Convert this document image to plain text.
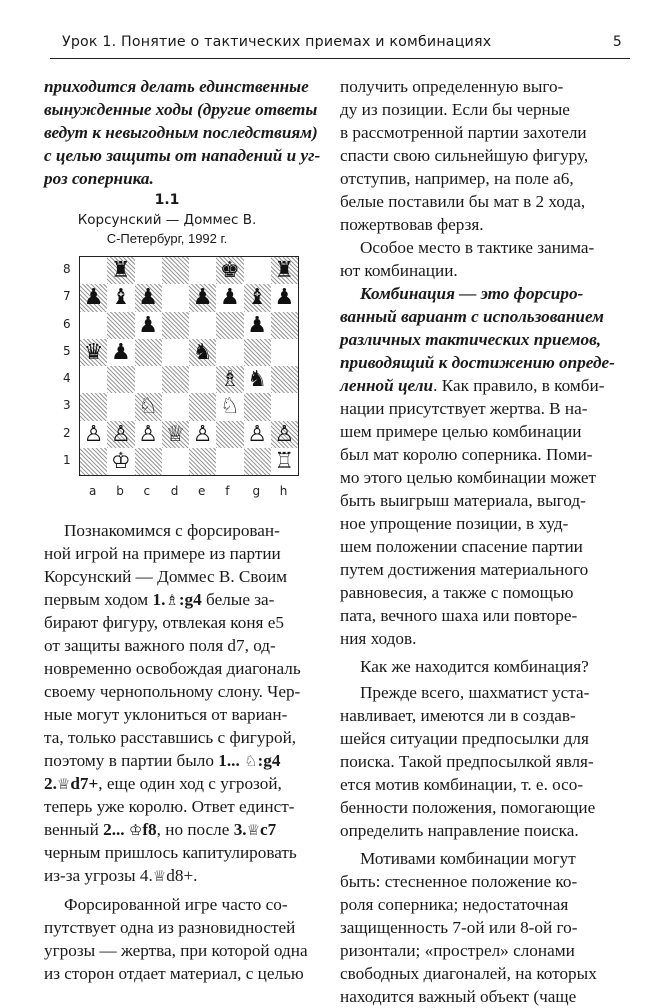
Урок 1. Понятие о тактических приемах и комбинациях	5
приходится делать единственные
вынужденные ходы (другие ответы
ведут к невыгодным последствиям)
с целью защиты от нападений и уг-
роз соперника.
1.1
Корсунский — Доммес В.
С-Петербург, 1992 г.
♜	♚ ♜
♟ ♝ ♟ ♟ ♟ ♝ ♟
♟	♟
♛ ♟	♞
♗ ♞
♘	♘
♙ ♙ ♙ ♕ ♙ ♙ ♙
♔	♖
8
7
6
5
4
3
2
1
a b c d e f g h
Познакомимся с форсирован-
ной игрой на примере из партии
Корсунский — Доммес В. Своим
первым ходом 1.♗:g4 белые за-
бирают фигуру, отвлекая коня e5
от защиты важного поля d7, од-
новременно освобождая диагональ
своему чернопольному слону. Чер-
ные могут уклониться от вариан-
та, только расставшись с фигурой,
поэтому в партии было 1... ♘:g4
2.♕d7+, еще один ход с угрозой,
теперь уже королю. Ответ единст-
венный 2... ♔f8, но после 3.♕c7
черным пришлось капитулировать
из-за угрозы 4.♕d8+.
Форсированной игре часто со-
путствует одна из разновидностей
угрозы — жертва, при которой одна
из сторон отдает материал, с целью
получить определенную выго-
ду из позиции. Если бы черные
в рассмотренной партии захотели
спасти свою сильнейшую фигуру,
отступив, например, на поле a6,
белые поставили бы мат в 2 хода,
пожертвовав ферзя.
Особое место в тактике занима-
ют комбинации.
Комбинация — это форсиро-
ванный вариант с использованием
различных тактических приемов,
приводящий к достижению опреде-
ленной цели. Как правило, в комби-
нации присутствует жертва. В на-
шем примере целью комбинации
был мат королю соперника. Поми-
мо этого целью комбинации может
быть выигрыш материала, выгод-
ное упрощение позиции, в худ-
шем положении спасение партии
путем достижения материального
равновесия, а также с помощью
пата, вечного шаха или повторе-
ния ходов.
Как же находится комбинация?
Прежде всего, шахматист уста-
навливает, имеются ли в создав-
шейся ситуации предпосылки для
поиска. Такой предпосылкой явля-
ется мотив комбинации, т. е. осо-
бенности положения, помогающие
определить направление поиска.
Мотивами комбинации могут
быть: стесненное положение ко-
роля соперника; недостаточная
защищенность 7-ой или 8-ой го-
ризонтали; «прострел» слонами
свободных диагоналей, на которых
находится важный объект (чаще
